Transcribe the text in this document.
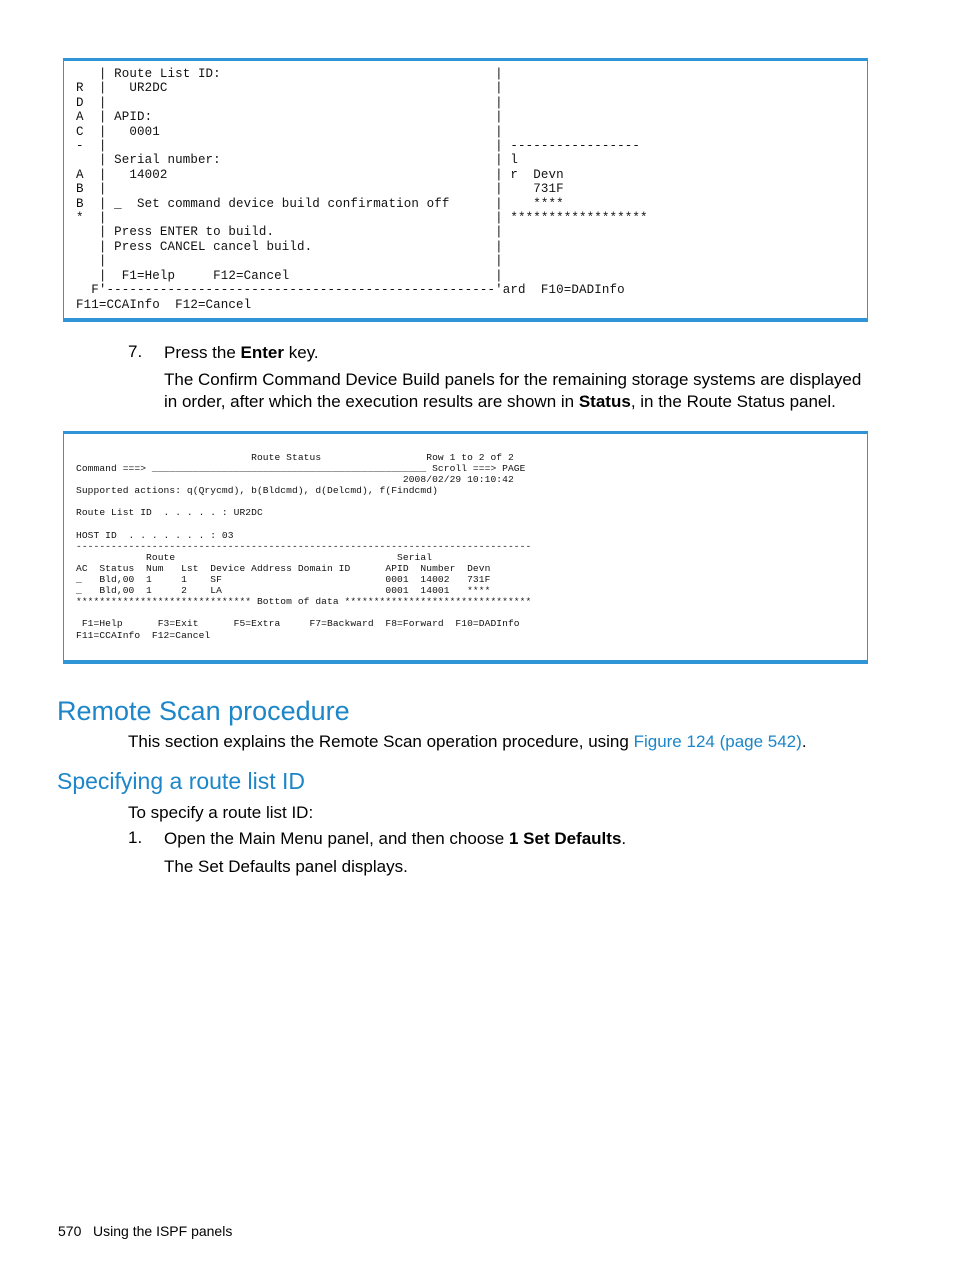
| Route List ID:                                    |
R  |   UR2DC                                           |
D  |                                                   |
A  | APID:                                             |
C  |   0001                                            |
-  |                                                   | -----------------
| Serial number:                                    | l
A  |   14002                                           | r  Devn
B  |                                                   |    731F
B  | _  Set command device build confirmation off      |    ****
*  |                                                   | ******************
| Press ENTER to build.                             |
| Press CANCEL cancel build.                        |
|                                                   |
|  F1=Help     F12=Cancel                           |
F'---------------------------------------------------'ard  F10=DADInfo
F11=CCAInfo  F12=Cancel
7. Press the Enter key.
The Confirm Command Device Build panels for the remaining storage systems are displayed in order, after which the execution results are shown in Status, in the Route Status panel.
Route Status                  Row 1 to 2 of 2
Command ===> _______________________________________________ Scroll ===> PAGE
2008/02/29 10:10:42
Supported actions: q(Qrycmd), b(Bldcmd), d(Delcmd), f(Findcmd)

Route List ID  . . . . . : UR2DC

HOST ID  . . . . . . . : 03
------------------------------------------------------------------------------
Route                                      Serial
AC  Status  Num   Lst  Device Address Domain ID      APID  Number  Devn
_   Bld,00  1     1    SF                            0001  14002   731F
_   Bld,00  1     2    LA                            0001  14001   ****
****************************** Bottom of data ********************************

F1=Help      F3=Exit      F5=Extra     F7=Backward  F8=Forward  F10=DADInfo
F11=CCAInfo  F12=Cancel
Remote Scan procedure
This section explains the Remote Scan operation procedure, using Figure 124 (page 542).
Specifying a route list ID
To specify a route list ID:
1. Open the Main Menu panel, and then choose 1 Set Defaults.
The Set Defaults panel displays.
570 Using the ISPF panels
